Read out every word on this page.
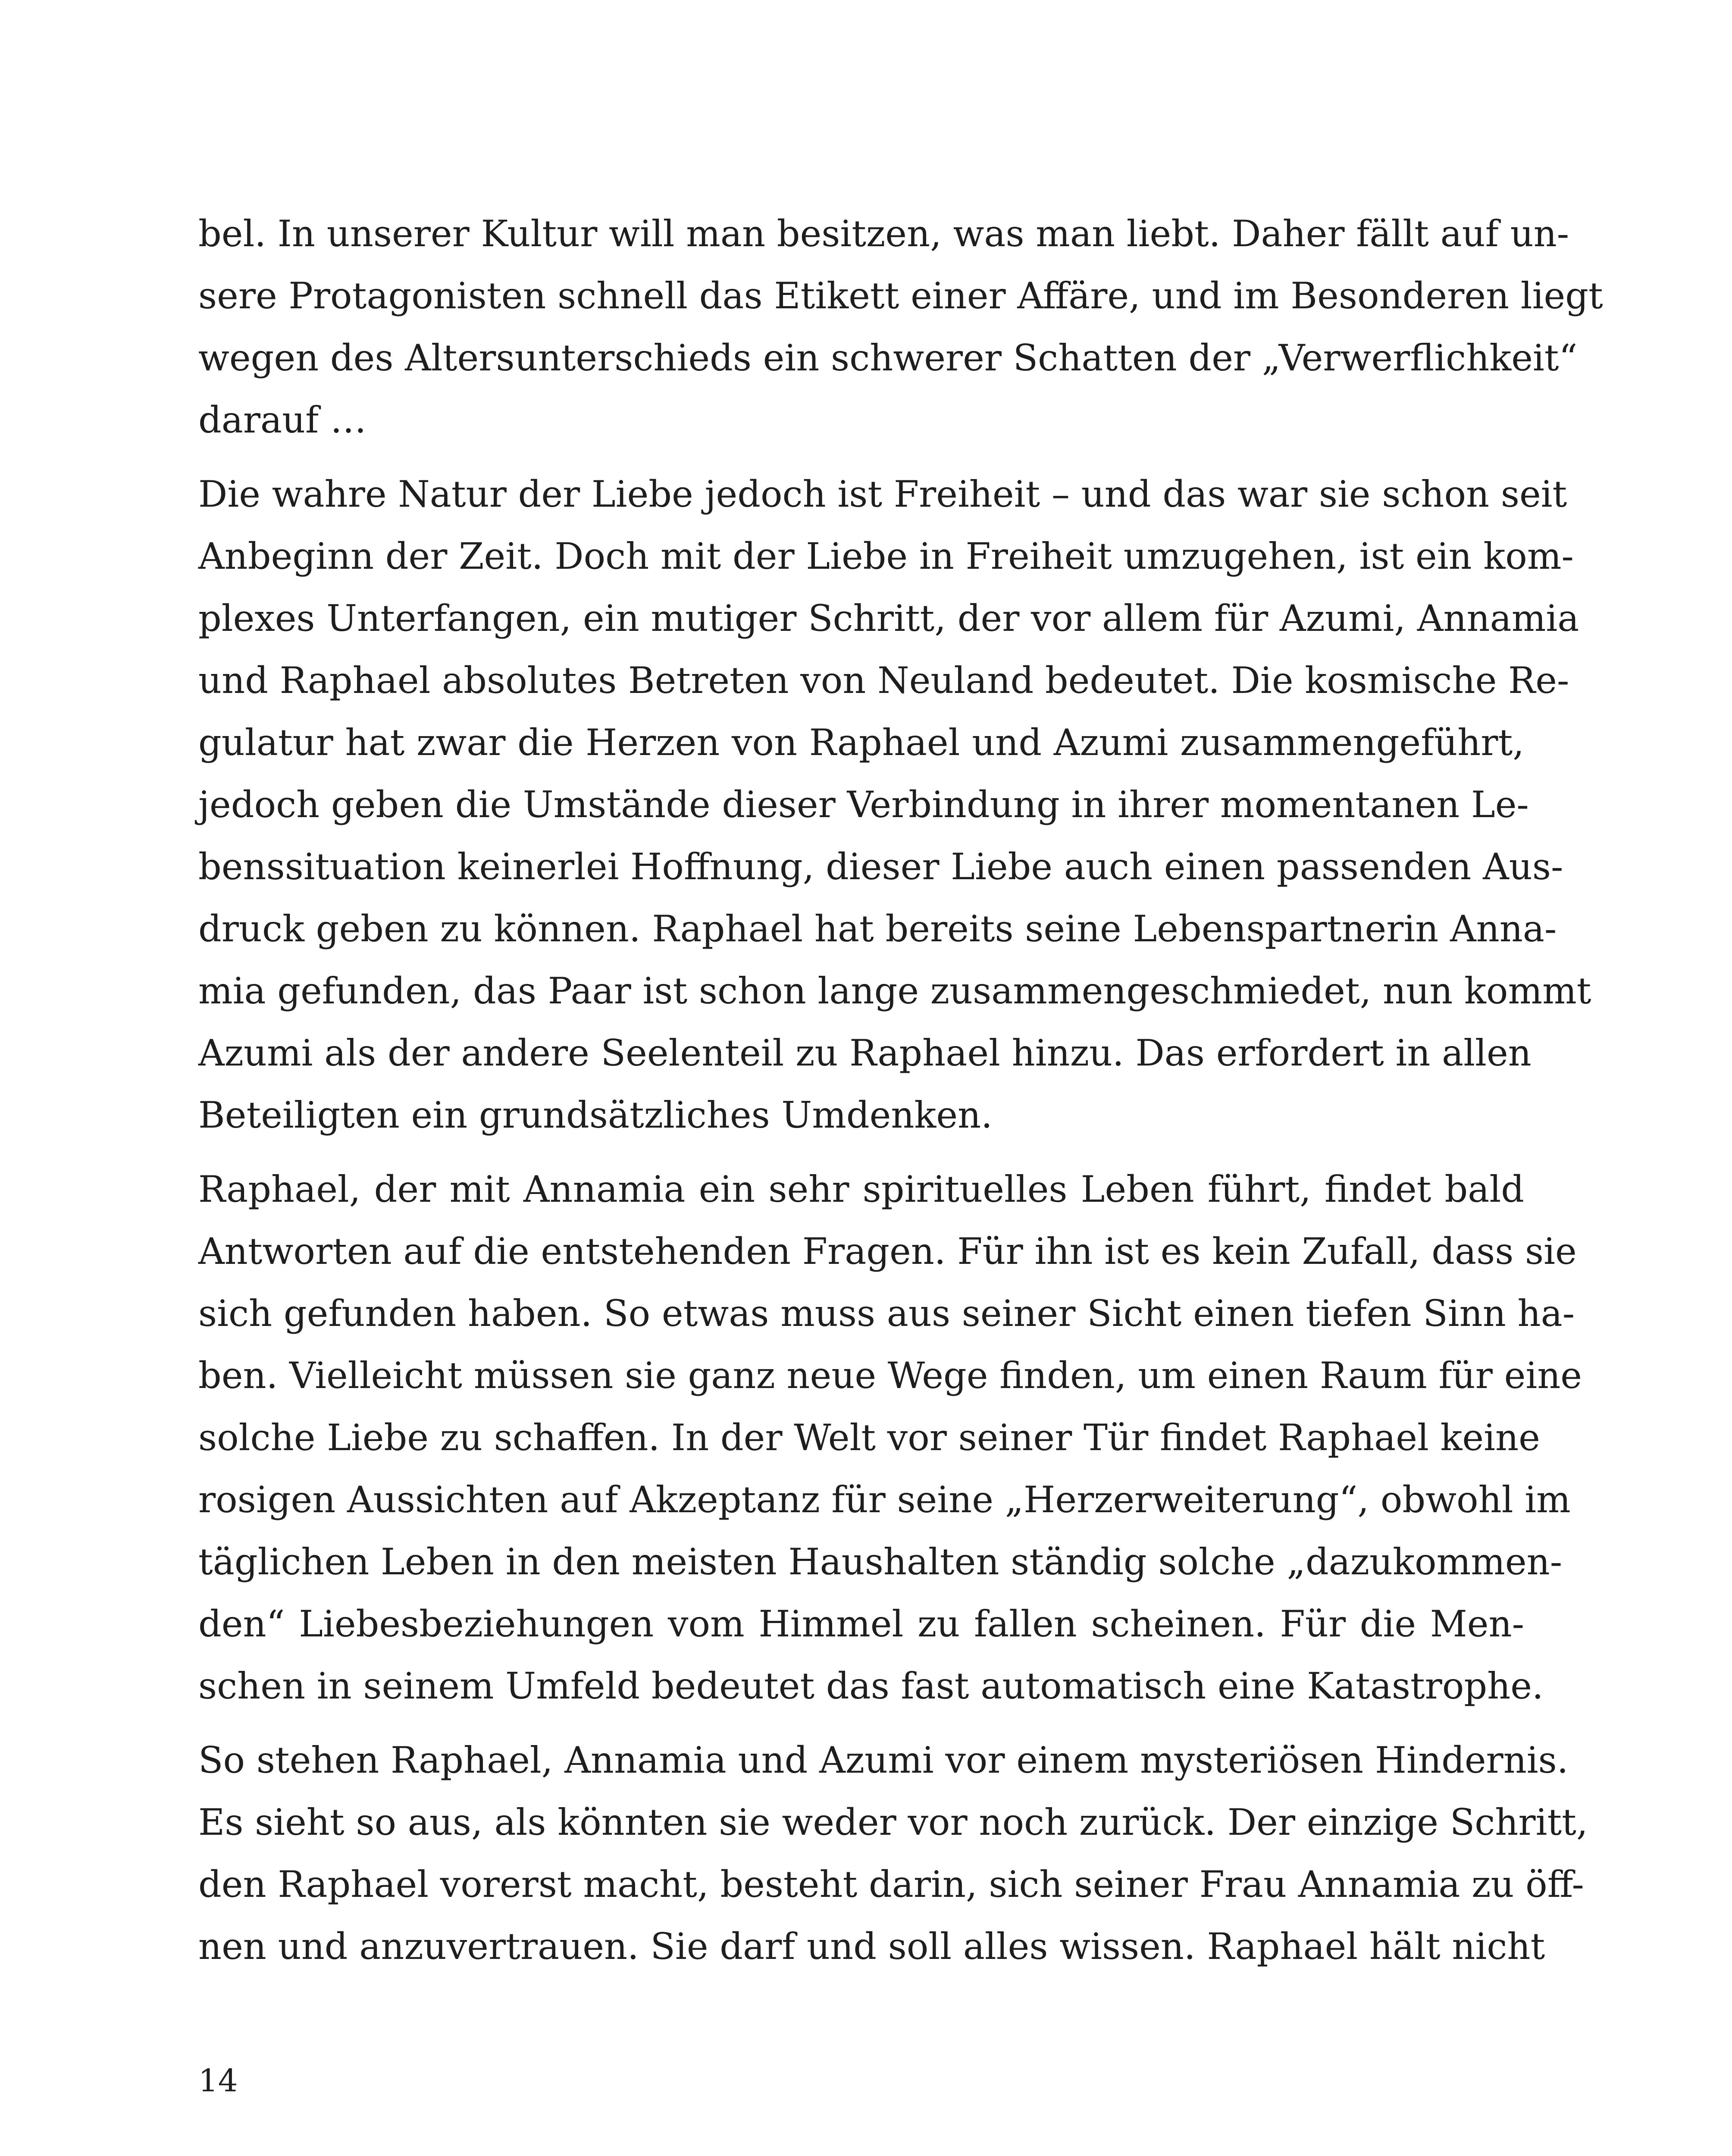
bel. In unserer Kultur will man besitzen, was man liebt. Daher fällt auf un-
sere Protagonisten schnell das Etikett einer Affäre, und im Besonderen liegt
wegen des Altersunterschieds ein schwerer Schatten der „Verwerflichkeit“
darauf …
Die wahre Natur der Liebe jedoch ist Freiheit – und das war sie schon seit
Anbeginn der Zeit. Doch mit der Liebe in Freiheit umzugehen, ist ein kom-
plexes Unterfangen, ein mutiger Schritt, der vor allem für Azumi, Annamia
und Raphael absolutes Betreten von Neuland bedeutet. Die kosmische Re-
gulatur hat zwar die Herzen von Raphael und Azumi zusammengeführt,
jedoch geben die Umstände dieser Verbindung in ihrer momentanen Le-
benssituation keinerlei Hoffnung, dieser Liebe auch einen passenden Aus-
druck geben zu können. Raphael hat bereits seine Lebenspartnerin Anna-
mia gefunden, das Paar ist schon lange zusammengeschmiedet, nun kommt
Azumi als der andere Seelenteil zu Raphael hinzu. Das erfordert in allen
Beteiligten ein grundsätzliches Umdenken.
Raphael, der mit Annamia ein sehr spirituelles Leben führt, findet bald
Antworten auf die entstehenden Fragen. Für ihn ist es kein Zufall, dass sie
sich gefunden haben. So etwas muss aus seiner Sicht einen tiefen Sinn ha-
ben. Vielleicht müssen sie ganz neue Wege finden, um einen Raum für eine
solche Liebe zu schaffen. In der Welt vor seiner Tür findet Raphael keine
rosigen Aussichten auf Akzeptanz für seine „Herzerweiterung“, obwohl im
täglichen Leben in den meisten Haushalten ständig solche „dazukommen-
den“ Liebesbeziehungen vom Himmel zu fallen scheinen. Für die Men-
schen in seinem Umfeld bedeutet das fast automatisch eine Katastrophe.
So stehen Raphael, Annamia und Azumi vor einem mysteriösen Hindernis.
Es sieht so aus, als könnten sie weder vor noch zurück. Der einzige Schritt,
den Raphael vorerst macht, besteht darin, sich seiner Frau Annamia zu öff-
nen und anzuvertrauen. Sie darf und soll alles wissen. Raphael hält nicht
14
